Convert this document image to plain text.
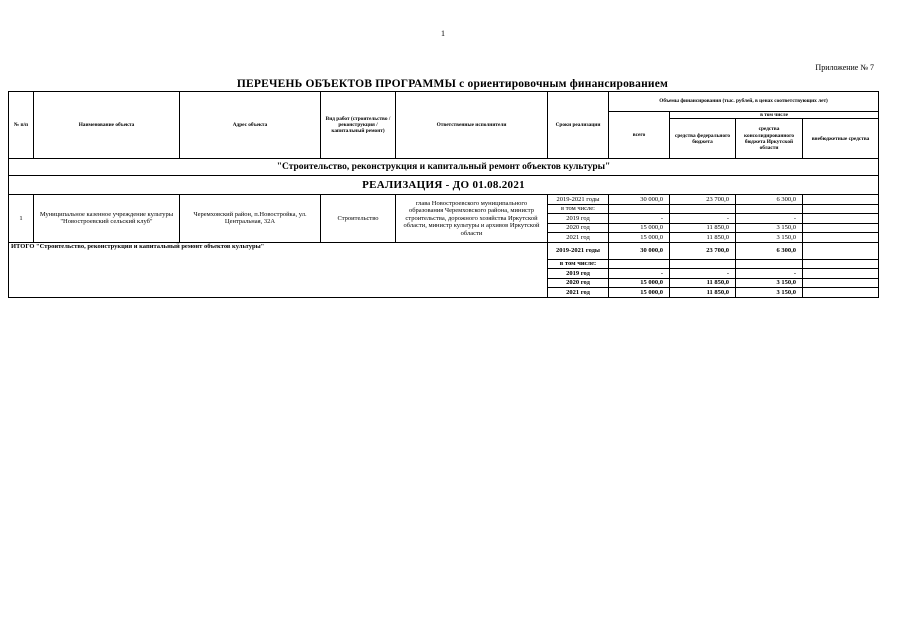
1
Приложение № 7
ПЕРЕЧЕНЬ ОБЪЕКТОВ ПРОГРАММЫ с ориентировочным финансированием
№ п/п	Наименование объекта	Адрес объекта	Вид работ (строительство /реконструкция /капитальный ремонт)	Ответственные исполнители	Сроки реализации	Объемы финансирования (тыс. рублей, в ценах соответствующих лет)			
						всего	в том числе		
							средства федерального бюджета	средства консолидированного бюджета Иркутской области	внебюджетные средства
"Строительство, реконструкция и капитальный ремонт объектов культуры"									
РЕАЛИЗАЦИЯ - ДО 01.08.2021									
1	Муниципальное казенное учреждение культуры "Новостроевский сельский клуб"	Черемховский район, п.Новостройка, ул. Центральная, 32А	Строительство	глава Новостроевского муниципального образования Черемховского района, министр строительства, дорожного хозяйства Иркутской области, министр культуры и архивов Иркутской области	2019-2021 годы	30 000,0	23 700,0	6 300,0	
					в том числе:				
					2019 год	-	-	-	
					2020 год	15 000,0	11 850,0	3 150,0	
					2021 год	15 000,0	11 850,0	3 150,0	
ИТОГО "Строительство, реконструкция и капитальный ремонт объектов культуры"					2019-2021 годы	30 000,0	23 700,0	6 300,0	
					в том числе:				
					2019 год	-	-	-	
					2020 год	15 000,0	11 850,0	3 150,0	
					2021 год	15 000,0	11 850,0	3 150,0	
